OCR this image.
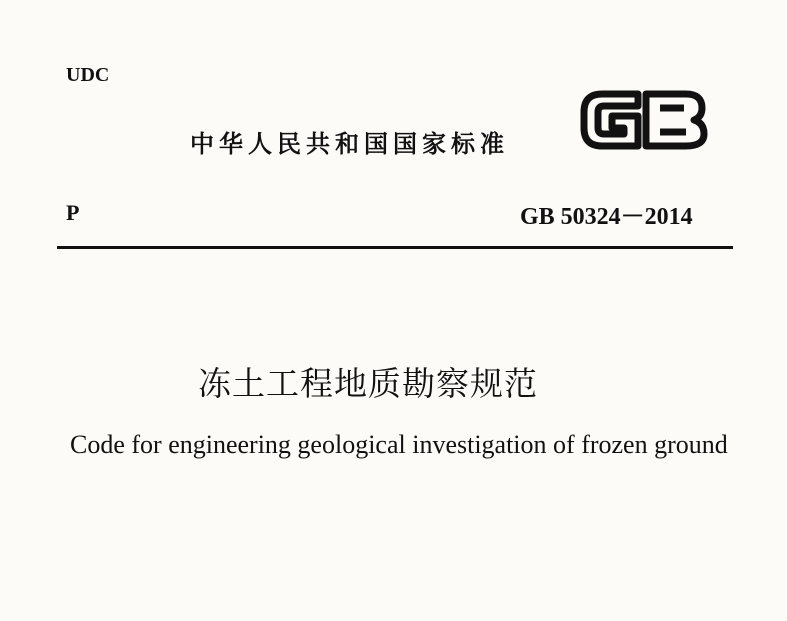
UDC
中华人民共和国国家标准
P	GB 50324－2014
冻土工程地质勘察规范
Code for engineering geological investigation of frozen ground
